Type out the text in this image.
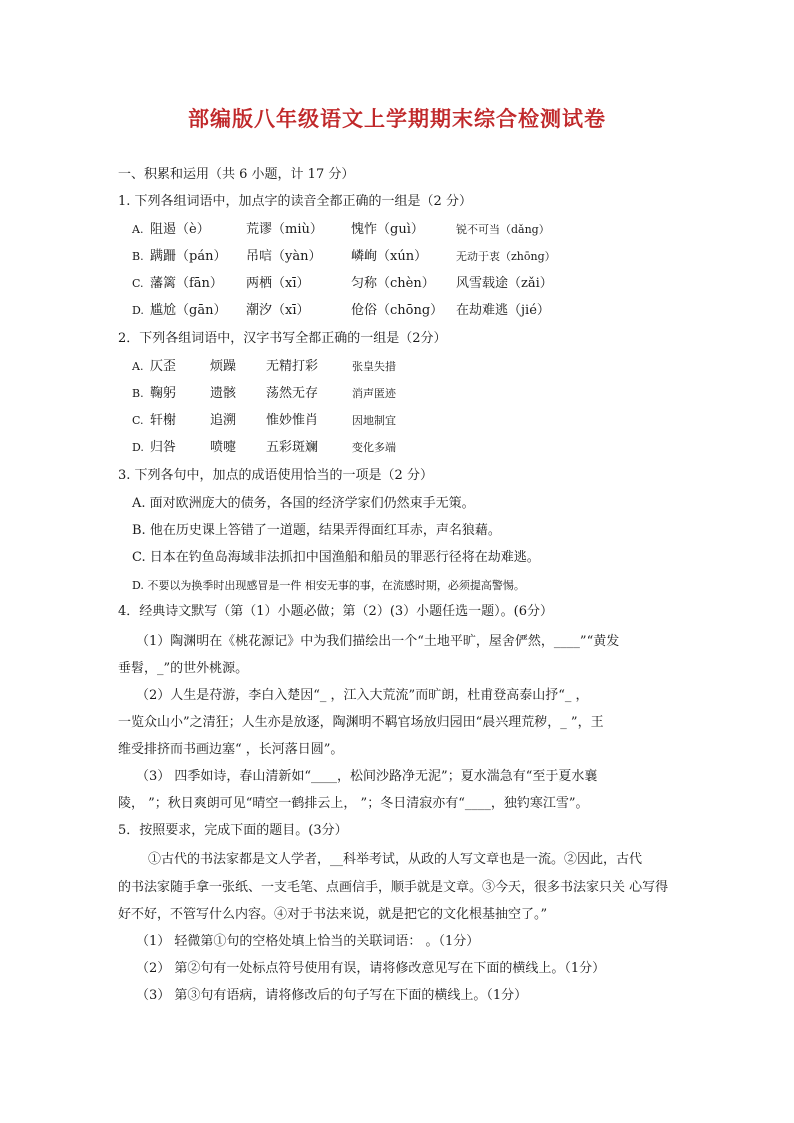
部编版八年级语文上学期期末综合检测试卷
一、积累和运用（共 6 小题，计 17 分）
1. 下列各组词语中，加点字的读音全都正确的一组是（2 分）
A. 阻遏（è）	荒谬（miù） 愧怍（guì）	锐不可当（dǎng）
B. 蹒跚（pán） 吊唁（yàn） 嶙峋（xún）	无动于衷（zhōng）
C. 藩篱（fān） 两栖（xī）	匀称（chèn） 风雪载途（zǎi）
D. 尴尬（gān） 潮汐（xī）	伧俗（chōng） 在劫难逃（jié）
2．下列各组词语中，汉字书写全都正确的一组是（2分）
A. 仄歪	烦躁 无精打彩	张皇失措
B. 鞠躬	遗骸 荡然无存	消声匿迹
C. 轩榭	追溯 惟妙惟肖	因地制宜
D. 归咎	喷嚏 五彩斑斓	变化多端
3. 下列各句中，加点的成语使用恰当的一项是（2 分）
A. 面对欧洲庞大的债务，各国的经济学家们仍然束手无策。
B. 他在历史课上答错了一道题，结果弄得面红耳赤，声名狼藉。
C. 日本在钓鱼岛海域非法抓扣中国渔船和船员的罪恶行径将在劫难逃。
D. 不要以为换季时出现感冒是一件 相安无事的事，在流感时期，必须提高警惕。
4．经典诗文默写（第（1）小题必做；第（2）(3）小题任选一题）。(6分）
（1）陶渊明在《桃花源记》中为我们描绘出一个“土地平旷，屋舍俨然，____”“黄发
垂髫，_”的世外桃源。
（2）人生是苻游，李白入楚因“_ ，江入大荒流”而旷朗，杜甫登高泰山抒“_ ，
一览众山小”之清狂；人生亦是放逐，陶渊明不羁官场放归园田“晨兴理荒秽，_ ”，王
维受排挤而书画边塞“ ，长河落日圆”。
（3） 四季如诗，春山清新如“____，松间沙路净无泥”；夏水湍急有“至于夏水襄
陵， ”；秋日爽朗可见“晴空一鹤排云上， ”；冬日清寂亦有“____，独钓寒江雪”。
5．按照要求，完成下面的题目。(3分）
①古代的书法家都是文人学者，__科举考试，从政的人写文章也是一流。②因此，古代
的书法家随手拿一张纸、一支毛笔、点画信手，顺手就是文章。③今天，很多书法家只关 心写得
好不好，不管写什么内容。④对于书法来说，就是把它的文化根基抽空了。”
（1） 轻微第①句的空格处填上恰当的关联词语： 。（1分）
（2） 第②句有一处标点符号使用有误，请将修改意见写在下面的横线上。（1分）
（3） 第③句有语病，请将修改后的句子写在下面的横线上。（1分）
